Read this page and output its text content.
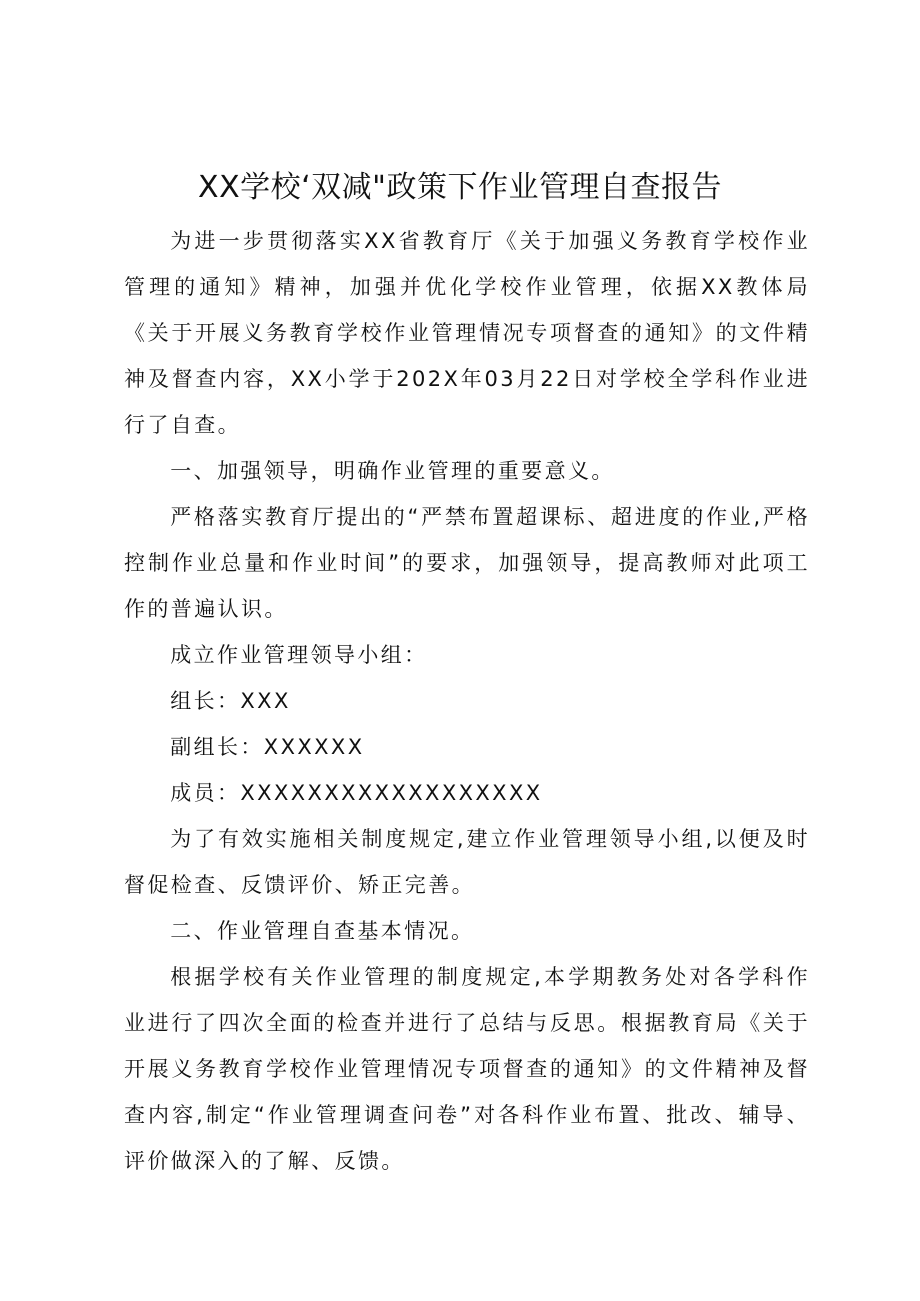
XX学校‘双减"政策下作业管理自查报告

为进一步贯彻落实XX省教育厅《关于加强义务教育学校作业管理的通知》精神，加强并优化学校作业管理，依据XX教体局《关于开展义务教育学校作业管理情况专项督查的通知》的文件精神及督查内容，XX小学于202X年03月22日对学校全学科作业进行了自查。

一、加强领导，明确作业管理的重要意义。

严格落实教育厅提出的“严禁布置超课标、超进度的作业,严格控制作业总量和作业时间”的要求，加强领导，提高教师对此项工作的普遍认识。

成立作业管理领导小组：

组长：XXX

副组长：XXXXXX

成员：XXXXXXXXXXXXXXXXXX

为了有效实施相关制度规定,建立作业管理领导小组,以便及时督促检查、反馈评价、矫正完善。

二、作业管理自查基本情况。

根据学校有关作业管理的制度规定,本学期教务处对各学科作业进行了四次全面的检查并进行了总结与反思。根据教育局《关于开展义务教育学校作业管理情况专项督查的通知》的文件精神及督查内容,制定“作业管理调查问卷”对各科作业布置、批改、辅导、评价做深入的了解、反馈。
